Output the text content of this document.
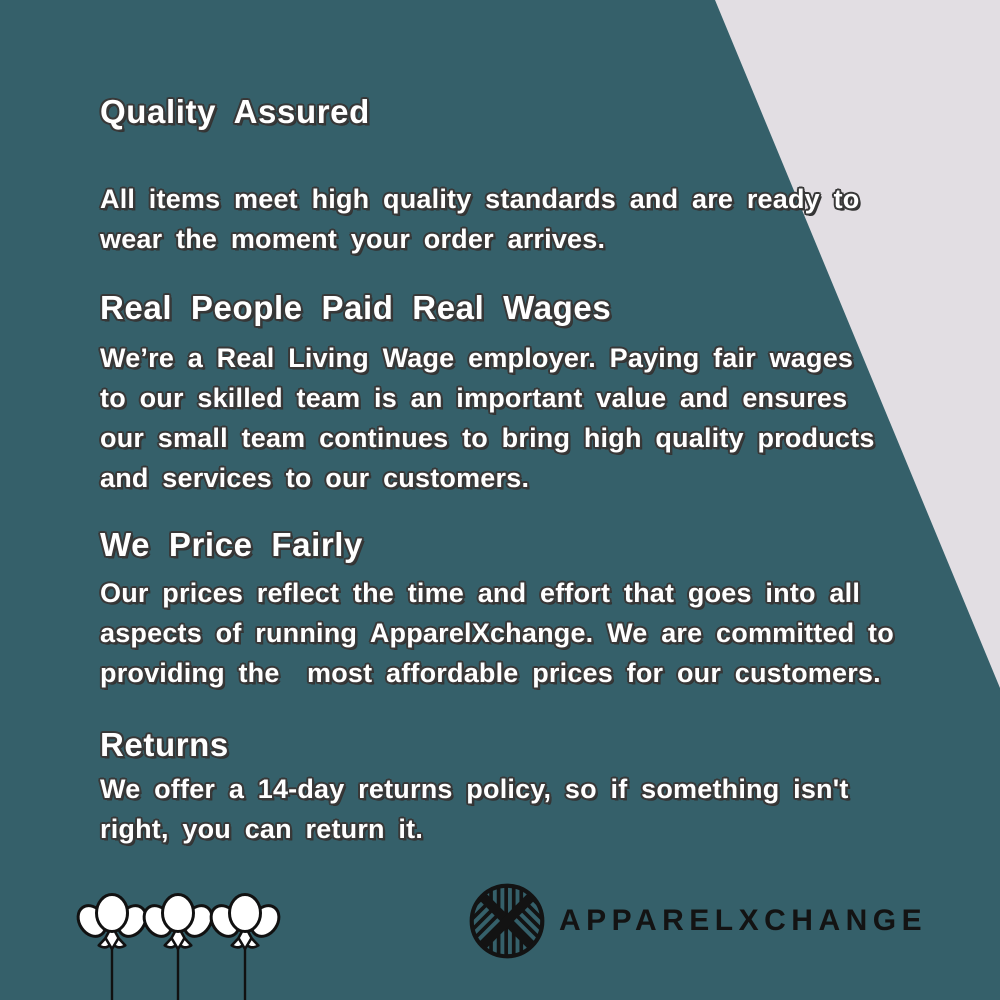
Quality Assured
All items meet high quality standards and are ready to
wear the moment your order arrives.
Real People Paid Real Wages
We’re a Real Living Wage employer. Paying fair wages
to our skilled team is an important value and ensures
our small team continues to bring high quality products
and services to our customers.
We Price Fairly
Our prices reflect the time and effort that goes into all
aspects of running ApparelXchange. We are committed to
providing the  most affordable prices for our customers.
Returns
We offer a 14-day returns policy, so if something isn't
right, you can return it.
APPARELXCHANGE
